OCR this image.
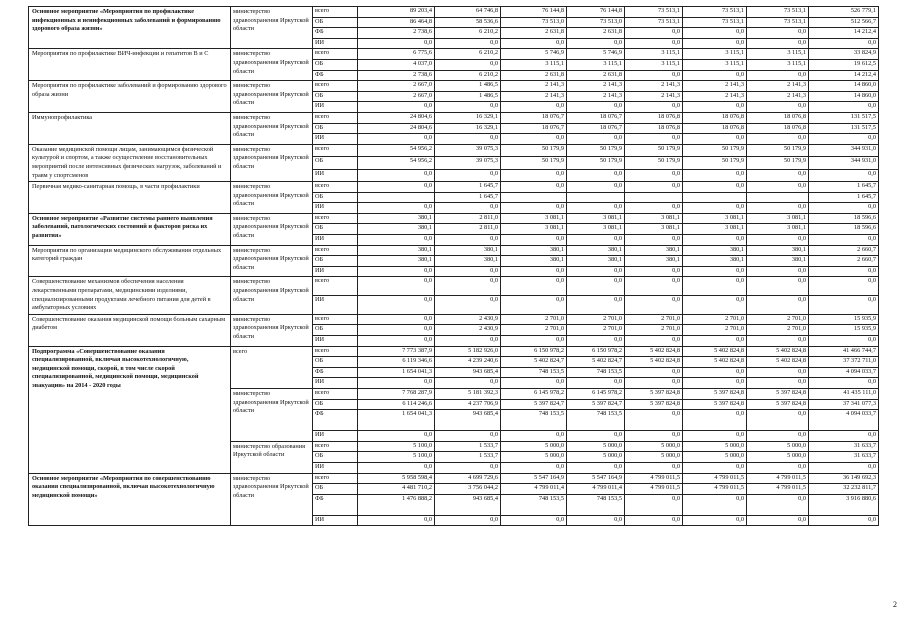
Основное мероприятие «Мероприятия по профилактике инфекционных и неинфекционных заболеваний и формированию здорового образа жизни»	министерство здравоохранения Иркутской области	всего	89 203,4	64 746,8	76 144,8	76 144,8	73 513,1	73 513,1	73 513,1	526 779,1
		ОБ	86 464,8	58 536,6	73 513,0	73 513,0	73 513,1	73 513,1	73 513,1	512 566,7
		ФБ	2 738,6	6 210,2	2 631,8	2 631,8	0,0	0,0	0,0	14 212,4
		ИИ	0,0	0,0	0,0	0,0	0,0	0,0	0,0	0,0
Мероприятия по профилактике ВИЧ-инфекции и гепатитов В и С	министерство здравоохранения Иркутской области	всего	6 775,6	6 210,2	5 746,9	5 746,9	3 115,1	3 115,1	3 115,1	33 824,9
		ОБ	4 037,0	0,0	3 115,1	3 115,1	3 115,1	3 115,1	3 115,1	19 612,5
		ФБ	2 738,6	6 210,2	2 631,8	2 631,8	0,0	0,0	0,0	14 212,4
Мероприятия по профилактике заболеваний и формированию здорового образа жизни	министерство здравоохранения Иркутской области	всего	2 667,0	1 486,5	2 141,3	2 141,3	2 141,3	2 141,3	2 141,3	14 860,0
		ОБ	2 667,0	1 486,5	2 141,3	2 141,3	2 141,3	2 141,3	2 141,3	14 860,0
		ИИ	0,0	0,0	0,0	0,0	0,0	0,0	0,0	0,0
Иммунопрофилактика	министерство здравоохранения Иркутской области	всего	24 804,6	16 329,1	18 076,7	18 076,7	18 076,8	18 076,8	18 076,8	131 517,5
		ОБ	24 804,6	16 329,1	18 076,7	18 076,7	18 076,8	18 076,8	18 076,8	131 517,5
		ИИ	0,0	0,0	0,0	0,0	0,0	0,0	0,0	0,0
Оказание медицинской помощи лицам, занимающимся физической культурой и спортом, а также осуществление восстановительных мероприятий после интенсивных физических нагрузок, заболеваний и травм у спортсменов	министерство здравоохранения Иркутской области	всего	54 956,2	39 075,3	50 179,9	50 179,9	50 179,9	50 179,9	50 179,9	344 931,0
		ОБ	54 956,2	39 075,3	50 179,9	50 179,9	50 179,9	50 179,9	50 179,9	344 931,0
		ИИ	0,0	0,0	0,0	0,0	0,0	0,0	0,0	0,0
Первичная медико-санитарная помощь, в части профилактики	министерство здравоохранения Иркутской области	всего	0,0	1 645,7	0,0	0,0	0,0	0,0	0,0	1 645,7
		ОБ		1 645,7						1 645,7
		ИИ	0,0	0,0	0,0	0,0	0,0	0,0	0,0	0,0
Основное мероприятие «Развитие системы раннего выявления заболеваний, патологических состояний и факторов риска их развития»	министерство здравоохранения Иркутской области	всего	380,1	2 811,0	3 081,1	3 081,1	3 081,1	3 081,1	3 081,1	18 596,6
		ОБ	380,1	2 811,0	3 081,1	3 081,1	3 081,1	3 081,1	3 081,1	18 596,6
		ИИ	0,0	0,0	0,0	0,0	0,0	0,0	0,0	0,0
Мероприятия по организации медицинского обслуживания отдельных категорий граждан	министерство здравоохранения Иркутской области	всего	380,1	380,1	380,1	380,1	380,1	380,1	380,1	2 660,7
		ОБ	380,1	380,1	380,1	380,1	380,1	380,1	380,1	2 660,7
		ИИ	0,0	0,0	0,0	0,0	0,0	0,0	0,0	0,0
Совершенствование механизмов обеспечения населения лекарственными препаратами, медицинскими изделиями, специализированными продуктами лечебного питания для детей в амбулаторных условиях	министерство здравоохранения Иркутской области	всего	0,0	0,0	0,0	0,0	0,0	0,0	0,0	0,0
		ИИ	0,0	0,0	0,0	0,0	0,0	0,0	0,0	0,0
Совершенствование оказания медицинской помощи больным сахарным диабетом	министерство здравоохранения Иркутской области	всего	0,0	2 430,9	2 701,0	2 701,0	2 701,0	2 701,0	2 701,0	15 935,9
		ОБ	0,0	2 430,9	2 701,0	2 701,0	2 701,0	2 701,0	2 701,0	15 935,9
		ИИ	0,0	0,0	0,0	0,0	0,0	0,0	0,0	0,0
Подпрограмма «Совершенствование оказания специализированной, включая высокотехнологичную, медицинской помощи, скорой, в том числе скорой специализированной, медицинской помощи, медицинской эвакуации» на 2014 - 2020 годы	всего	всего	7 773 387,9	5 182 926,0	6 150 978,2	6 150 978,2	5 402 824,8	5 402 824,8	5 402 824,8	41 466 744,7
		ОБ	6 119 346,6	4 239 240,6	5 402 824,7	5 402 824,7	5 402 824,8	5 402 824,8	5 402 824,8	37 372 711,0
		ФБ	1 654 041,3	943 685,4	748 153,5	748 153,5	0,0	0,0	0,0	4 094 033,7
		ИИ	0,0	0,0	0,0	0,0	0,0	0,0	0,0	0,0
	министерство здравоохранения Иркутской области	всего	7 768 287,9	5 181 392,3	6 145 978,2	6 145 978,2	5 397 824,8	5 397 824,8	5 397 824,8	41 435 111,0
		ОБ	6 114 246,6	4 237 706,9	5 397 824,7	5 397 824,7	5 397 824,8	5 397 824,8	5 397 824,8	37 341 077,3
		ФБ	1 654 041,3	943 685,4	748 153,5	748 153,5	0,0	0,0	0,0	4 094 033,7
		ИИ	0,0	0,0	0,0	0,0	0,0	0,0	0,0	0,0
	министерство образования Иркутской области	всего	5 100,0	1 533,7	5 000,0	5 000,0	5 000,0	5 000,0	5 000,0	31 633,7
		ОБ	5 100,0	1 533,7	5 000,0	5 000,0	5 000,0	5 000,0	5 000,0	31 633,7
		ИИ	0,0	0,0	0,0	0,0	0,0	0,0	0,0	0,0
Основное мероприятие «Мероприятия по совершенствованию оказания специализированной, включая высокотехнологичную медицинской помощи»	министерство здравоохранения Иркутской области	всего	5 958 598,4	4 699 729,6	5 547 164,9	5 547 164,9	4 799 011,5	4 799 011,5	4 799 011,5	36 149 692,3
		ОБ	4 481 710,2	3 756 044,2	4 799 011,4	4 799 011,4	4 799 011,5	4 799 011,5	4 799 011,5	32 232 811,7
		ФБ	1 476 888,2	943 685,4	748 153,5	748 153,5	0,0	0,0	0,0	3 916 880,6
		ИИ	0,0	0,0	0,0	0,0	0,0	0,0	0,0	0,0
2
